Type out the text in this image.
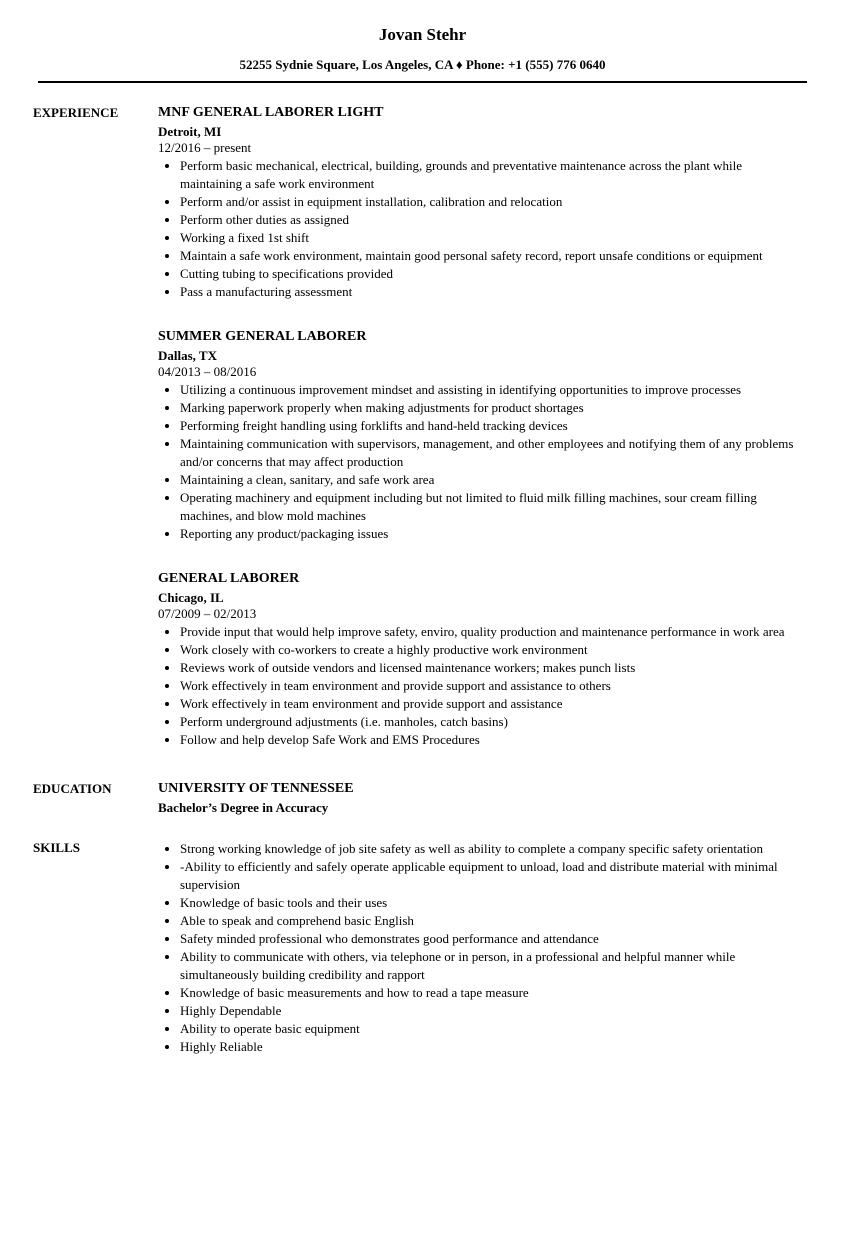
Jovan Stehr
52255 Sydnie Square, Los Angeles, CA ♦ Phone: +1 (555) 776 0640
EXPERIENCE	MNF GENERAL LABORER LIGHT
Detroit, MI
12/2016 – present
• Perform basic mechanical, electrical, building, grounds and preventative maintenance across the plant while maintaining a safe work environment
• Perform and/or assist in equipment installation, calibration and relocation
• Perform other duties as assigned
• Working a fixed 1st shift
• Maintain a safe work environment, maintain good personal safety record, report unsafe conditions or equipment
• Cutting tubing to specifications provided
• Pass a manufacturing assessment
SUMMER GENERAL LABORER
Dallas, TX
04/2013 – 08/2016
• Utilizing a continuous improvement mindset and assisting in identifying opportunities to improve processes
• Marking paperwork properly when making adjustments for product shortages
• Performing freight handling using forklifts and hand-held tracking devices
• Maintaining communication with supervisors, management, and other employees and notifying them of any problems and/or concerns that may affect production
• Maintaining a clean, sanitary, and safe work area
• Operating machinery and equipment including but not limited to fluid milk filling machines, sour cream filling machines, and blow mold machines
• Reporting any product/packaging issues
GENERAL LABORER
Chicago, IL
07/2009 – 02/2013
• Provide input that would help improve safety, enviro, quality production and maintenance performance in work area
• Work closely with co-workers to create a highly productive work environment
• Reviews work of outside vendors and licensed maintenance workers; makes punch lists
• Work effectively in team environment and provide support and assistance to others
• Work effectively in team environment and provide support and assistance
• Perform underground adjustments (i.e. manholes, catch basins)
• Follow and help develop Safe Work and EMS Procedures
EDUCATION	UNIVERSITY OF TENNESSEE
Bachelor’s Degree in Accuracy
SKILLS	• Strong working knowledge of job site safety as well as ability to complete a company specific safety orientation
• -Ability to efficiently and safely operate applicable equipment to unload, load and distribute material with minimal supervision
• Knowledge of basic tools and their uses
• Able to speak and comprehend basic English
• Safety minded professional who demonstrates good performance and attendance
• Ability to communicate with others, via telephone or in person, in a professional and helpful manner while simultaneously building credibility and rapport
• Knowledge of basic measurements and how to read a tape measure
• Highly Dependable
• Ability to operate basic equipment
• Highly Reliable
